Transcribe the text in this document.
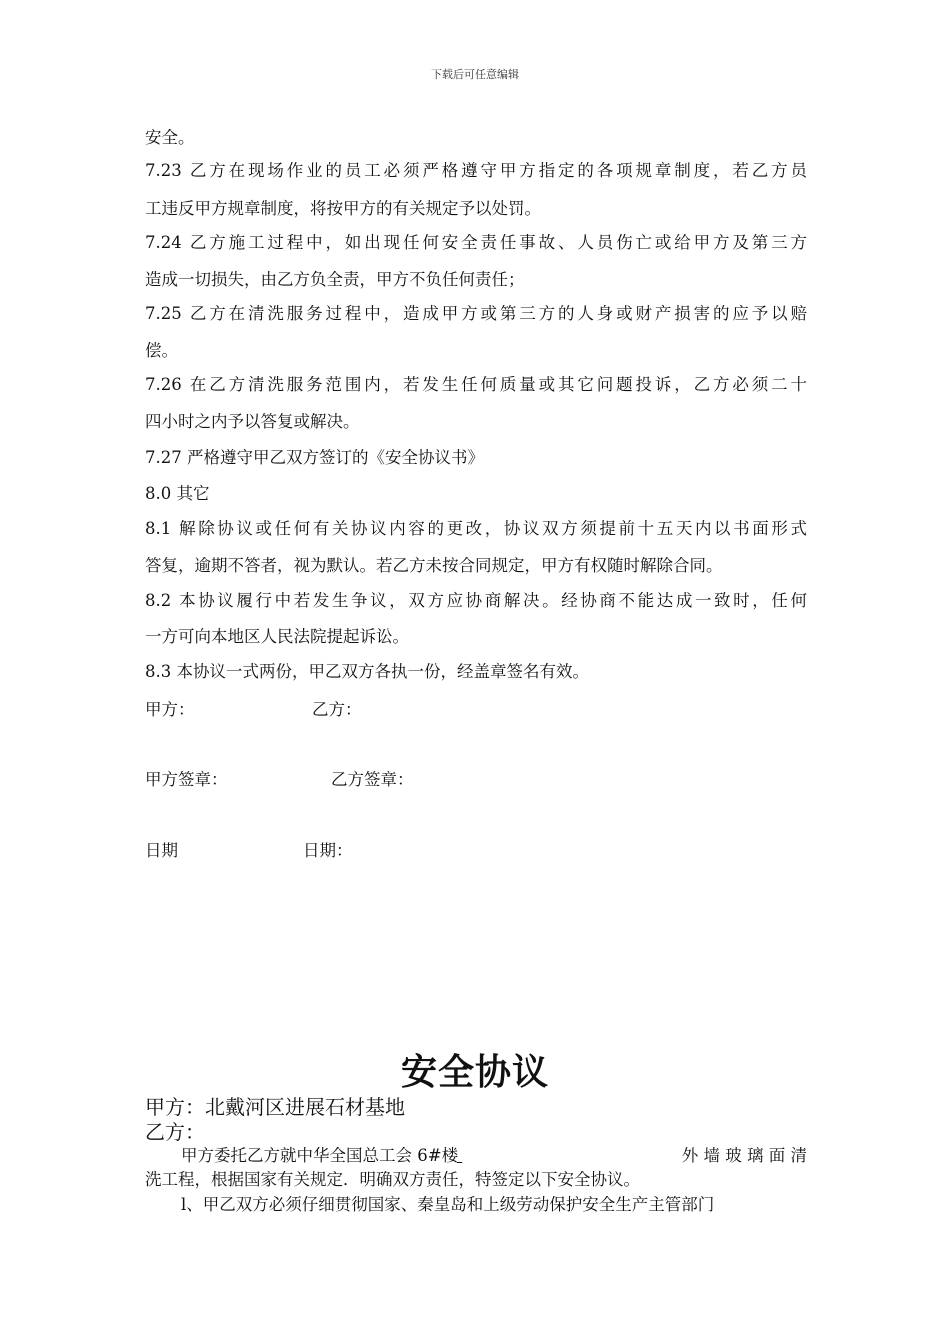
下载后可任意编辑
安全。
7.23 乙方在现场作业的员工必须严格遵守甲方指定的各项规章制度，若乙方员
工违反甲方规章制度，将按甲方的有关规定予以处罚。
7.24 乙方施工过程中，如出现任何安全责任事故、人员伤亡或给甲方及第三方
造成一切损失，由乙方负全责，甲方不负任何责任；
7.25 乙方在清洗服务过程中，造成甲方或第三方的人身或财产损害的应予以赔
偿。
7.26 在乙方清洗服务范围内，若发生任何质量或其它问题投诉，乙方必须二十
四小时之内予以答复或解决。
7.27 严格遵守甲乙双方签订的《安全协议书》
8.0 其它
8.1 解除协议或任何有关协议内容的更改，协议双方须提前十五天内以书面形式
答复，逾期不答者，视为默认。若乙方未按合同规定，甲方有权随时解除合同。
8.2 本协议履行中若发生争议，双方应协商解决。经协商不能达成一致时，任何
一方可向本地区人民法院提起诉讼。
8.3 本协议一式两份，甲乙双方各执一份，经盖章签名有效。
甲方：	乙方：
甲方签章：	乙方签章：
日期	日期：
安全协议
甲方：北戴河区进展石材基地
乙方：
甲方委托乙方就中华全国总工会 6#楼
	外 墙 玻 璃 面 清
洗工程，根据国家有关规定．明确双方责任，特签定以下安全协议。
l、甲乙双方必须仔细贯彻国家、秦皇岛和上级劳动保护安全生产主管部门
